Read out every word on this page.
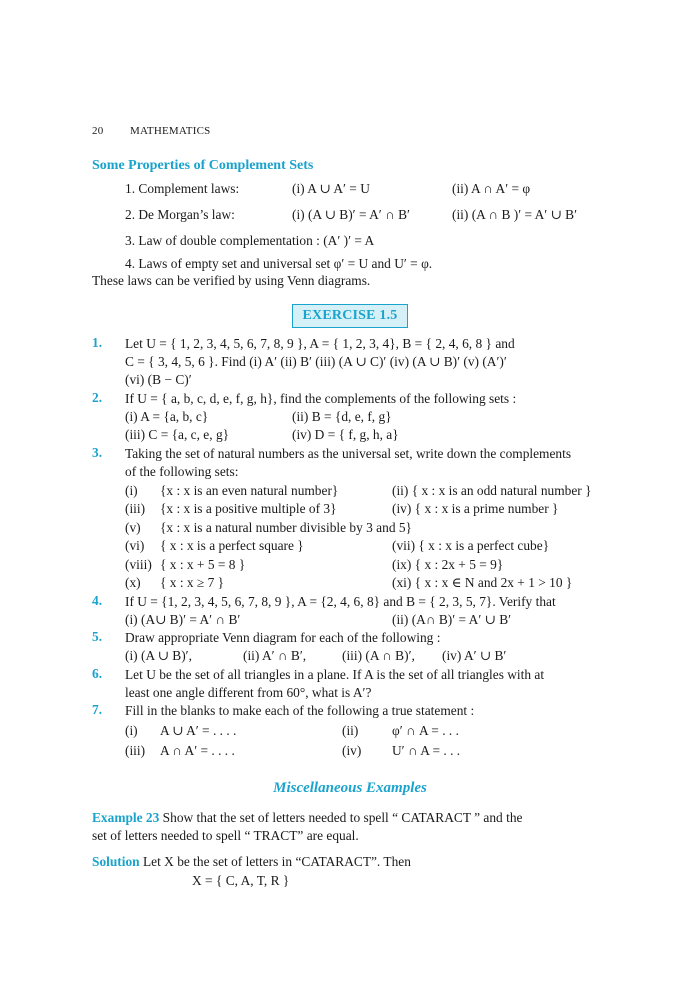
20 MATHEMATICS
Some Properties of Complement Sets
1. Complement laws:	(i) A ∪ A′ = U	(ii) A ∩ A′ = φ
2. De Morgan’s law:	(i) (A ∪ B)′ = A′ ∩ B′	(ii) (A ∩ B )′ = A′ ∪ B′
3. Law of double complementation : (A′ )′ = A
4. Laws of empty set and universal set φ′ = U and U′ = φ.
These laws can be verified by using Venn diagrams.
EXERCISE 1.5
1. Let U = { 1, 2, 3, 4, 5, 6, 7, 8, 9 }, A = { 1, 2, 3, 4}, B = { 2, 4, 6, 8 } and
C = { 3, 4, 5, 6 }. Find (i) A′ (ii) B′ (iii) (A ∪ C)′ (iv) (A ∪ B)′ (v) (A′)′
(vi) (B − C)′
2. If U = { a, b, c, d, e, f, g, h}, find the complements of the following sets :
(i) A = {a, b, c}	(ii) B = {d, e, f, g}
(iii) C = {a, c, e, g}	(iv) D = { f, g, h, a}
3. Taking the set of natural numbers as the universal set, write down the complements
of the following sets:
(i) {x : x is an even natural number}	(ii) { x : x is an odd natural number }
(iii) {x : x is a positive multiple of 3}	(iv) { x : x is a prime number }
(v) {x : x is a natural number divisible by 3 and 5}
(vi) { x : x is a perfect square }	(vii) { x : x is a perfect cube}
(viii) { x : x + 5 = 8 }	(ix) { x : 2x + 5 = 9}
(x) { x : x ≥ 7 }	(xi) { x : x ∈ N and 2x + 1 > 10 }
4. If U = {1, 2, 3, 4, 5, 6, 7, 8, 9 }, A = {2, 4, 6, 8} and B = { 2, 3, 5, 7}. Verify that
(i) (A∪ B)′ = A′ ∩ B′	(ii) (A∩ B)′ = A′ ∪ B′
5. Draw appropriate Venn diagram for each of the following :
(i) (A ∪ B)′,	(ii) A′ ∩ B′,	(iii) (A ∩ B)′, (iv) A′ ∪ B′
6. Let U be the set of all triangles in a plane. If A is the set of all triangles with at
least one angle different from 60°, what is A′?
7. Fill in the blanks to make each of the following a true statement :
(i) A ∪ A′ = . . . .	(ii)	φ′ ∩ A = . . .
(iii) A ∩ A′ = . . . .	(iv) U′ ∩ A = . . .
Miscellaneous Examples
Example 23 Show that the set of letters needed to spell “ CATARACT ” and the
set of letters needed to spell “ TRACT” are equal.
Solution Let X be the set of letters in “CATARACT”. Then
X = { C, A, T, R }
